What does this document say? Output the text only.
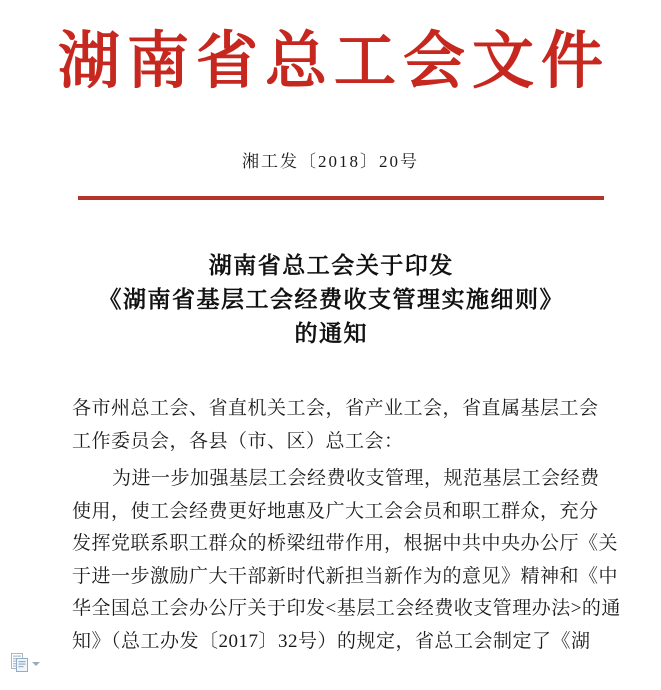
湖南省总工会文件
湘工发〔2018〕20号
湖南省总工会关于印发
《湖南省基层工会经费收支管理实施细则》
的通知
各市州总工会、省直机关工会，省产业工会，省直属基层工会
工作委员会，各县（市、区）总工会：
为进一步加强基层工会经费收支管理，规范基层工会经费
使用，使工会经费更好地惠及广大工会会员和职工群众，充分
发挥党联系职工群众的桥梁纽带作用，根据中共中央办公厅《关
于进一步激励广大干部新时代新担当新作为的意见》精神和《中
华全国总工会办公厅关于印发<基层工会经费收支管理办法>的通
知》（总工办发〔2017〕32号）的规定，省总工会制定了《湖
